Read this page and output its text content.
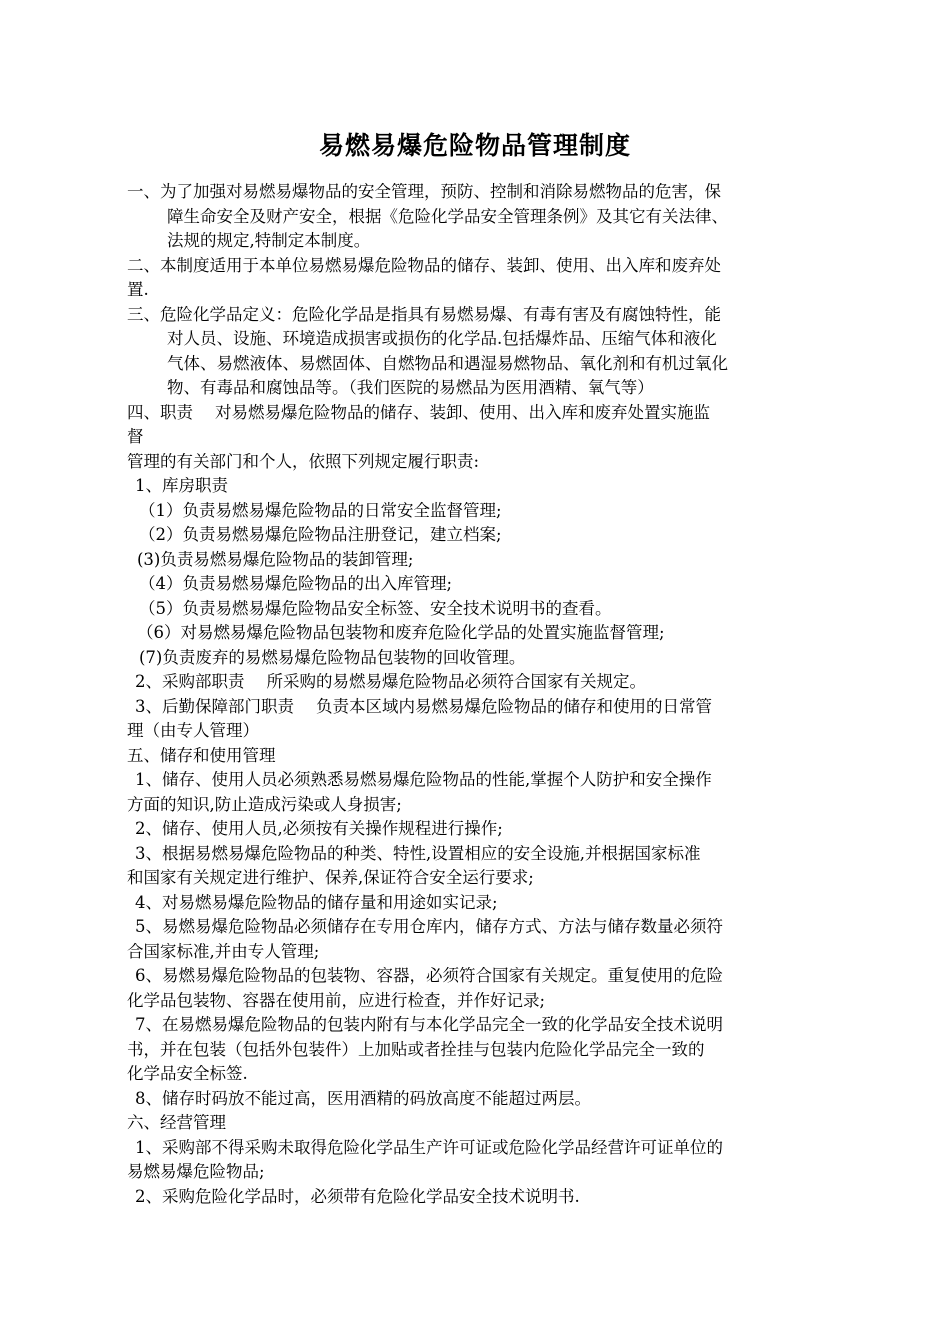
易燃易爆危险物品管理制度
一、为了加强对易燃易爆物品的安全管理，预防、控制和消除易燃物品的危害，保
障生命安全及财产安全，根据《危险化学品安全管理条例》及其它有关法律、
法规的规定,特制定本制度。
二、本制度适用于本单位易燃易爆危险物品的储存、装卸、使用、出入库和废弃处
置.
三、危险化学品定义：危险化学品是指具有易燃易爆、有毒有害及有腐蚀特性，能
对人员、设施、环境造成损害或损伤的化学品.包括爆炸品、压缩气体和液化
气体、易燃液体、易燃固体、自燃物品和遇湿易燃物品、氧化剂和有机过氧化
物、有毒品和腐蚀品等。（我们医院的易燃品为医用酒精、氧气等）
四、职责 对易燃易爆危险物品的储存、装卸、使用、出入库和废弃处置实施监
督
管理的有关部门和个人，依照下列规定履行职责:
1、库房职责
（1）负责易燃易爆危险物品的日常安全监督管理;
（2）负责易燃易爆危险物品注册登记，建立档案;
(3)负责易燃易爆危险物品的装卸管理;
（4）负责易燃易爆危险物品的出入库管理;
（5）负责易燃易爆危险物品安全标签、安全技术说明书的查看。
（6）对易燃易爆危险物品包装物和废弃危险化学品的处置实施监督管理;
(7)负责废弃的易燃易爆危险物品包装物的回收管理。
2、采购部职责 所采购的易燃易爆危险物品必须符合国家有关规定。
3、后勤保障部门职责 负责本区域内易燃易爆危险物品的储存和使用的日常管
理（由专人管理）
五、储存和使用管理
1、储存、使用人员必须熟悉易燃易爆危险物品的性能,掌握个人防护和安全操作
方面的知识,防止造成污染或人身损害;
2、储存、使用人员,必须按有关操作规程进行操作;
3、根据易燃易爆危险物品的种类、特性,设置相应的安全设施,并根据国家标准
和国家有关规定进行维护、保养,保证符合安全运行要求;
4、对易燃易爆危险物品的储存量和用途如实记录;
5、易燃易爆危险物品必须储存在专用仓库内，储存方式、方法与储存数量必须符
合国家标准,并由专人管理;
6、易燃易爆危险物品的包装物、容器，必须符合国家有关规定。重复使用的危险
化学品包装物、容器在使用前，应进行检查，并作好记录;
7、在易燃易爆危险物品的包装内附有与本化学品完全一致的化学品安全技术说明
书，并在包装（包括外包装件）上加贴或者拴挂与包装内危险化学品完全一致的
化学品安全标签.
8、储存时码放不能过高，医用酒精的码放高度不能超过两层。
六、经营管理
1、采购部不得采购未取得危险化学品生产许可证或危险化学品经营许可证单位的
易燃易爆危险物品;
2、采购危险化学品时，必须带有危险化学品安全技术说明书.
